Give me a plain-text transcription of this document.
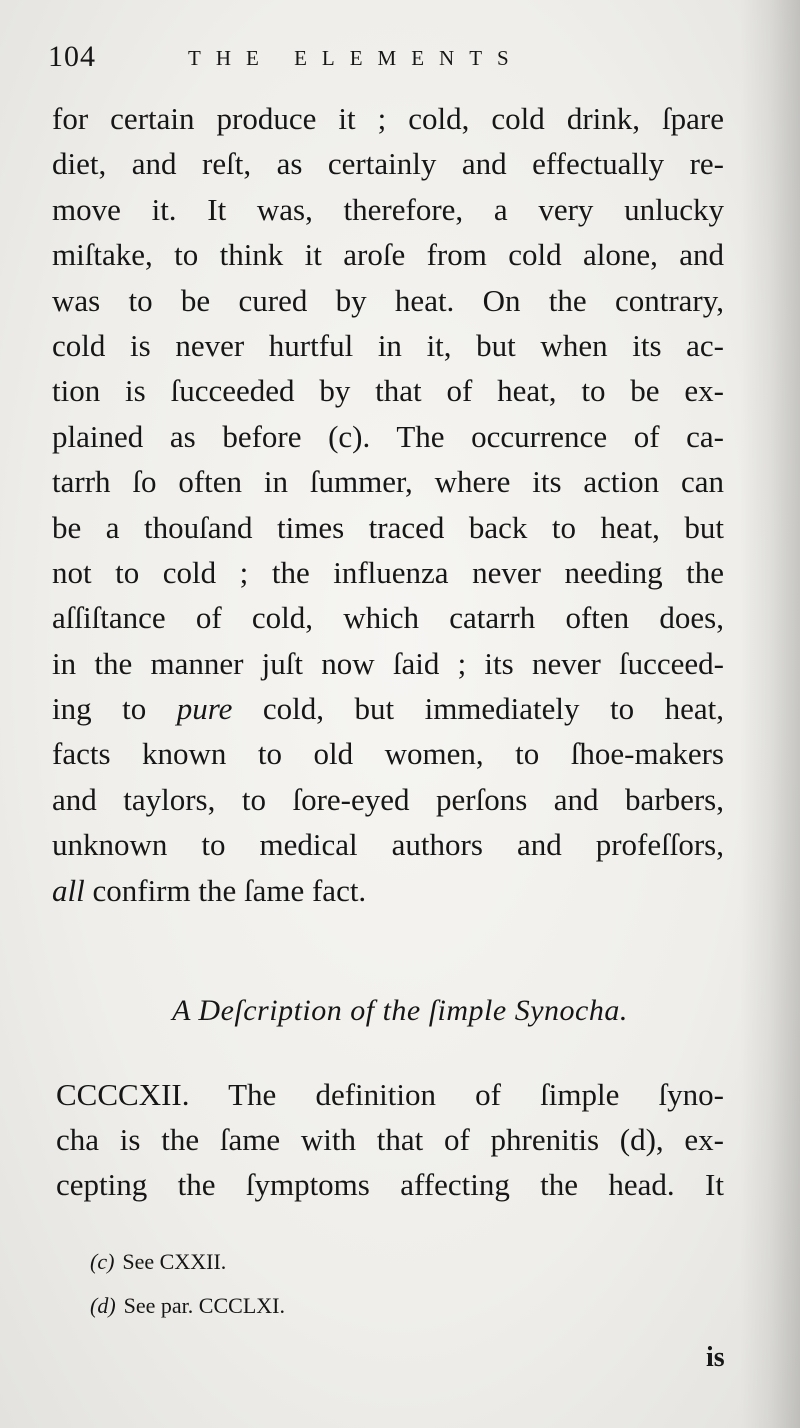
104	THE ELEMENTS
for certain produce it ; cold, cold drink, ſpare
diet, and reſt, as certainly and effectually re-
move it. It was, therefore, a very unlucky
miſtake, to think it aroſe from cold alone, and
was to be cured by heat. On the contrary,
cold is never hurtful in it, but when its ac-
tion is ſucceeded by that of heat, to be ex-
plained as before (c). The occurrence of ca-
tarrh ſo often in ſummer, where its action can
be a thouſand times traced back to heat, but
not to cold ; the influenza never needing the
aſſiſtance of cold, which catarrh often does,
in the manner juſt now ſaid ; its never ſucceed-
ing to pure cold, but immediately to heat,
facts known to old women, to ſhoe-makers
and taylors, to ſore-eyed perſons and barbers,
unknown to medical authors and profeſſors,
all confirm the ſame fact.
A Deſcription of the ſimple Synocha.
CCCCXII. The definition of ſimple ſyno-
cha is the ſame with that of phrenitis (d), ex-
cepting the ſymptoms affecting the head. It
(c) See CXXII.
(d) See par. CCCLXI.
is
